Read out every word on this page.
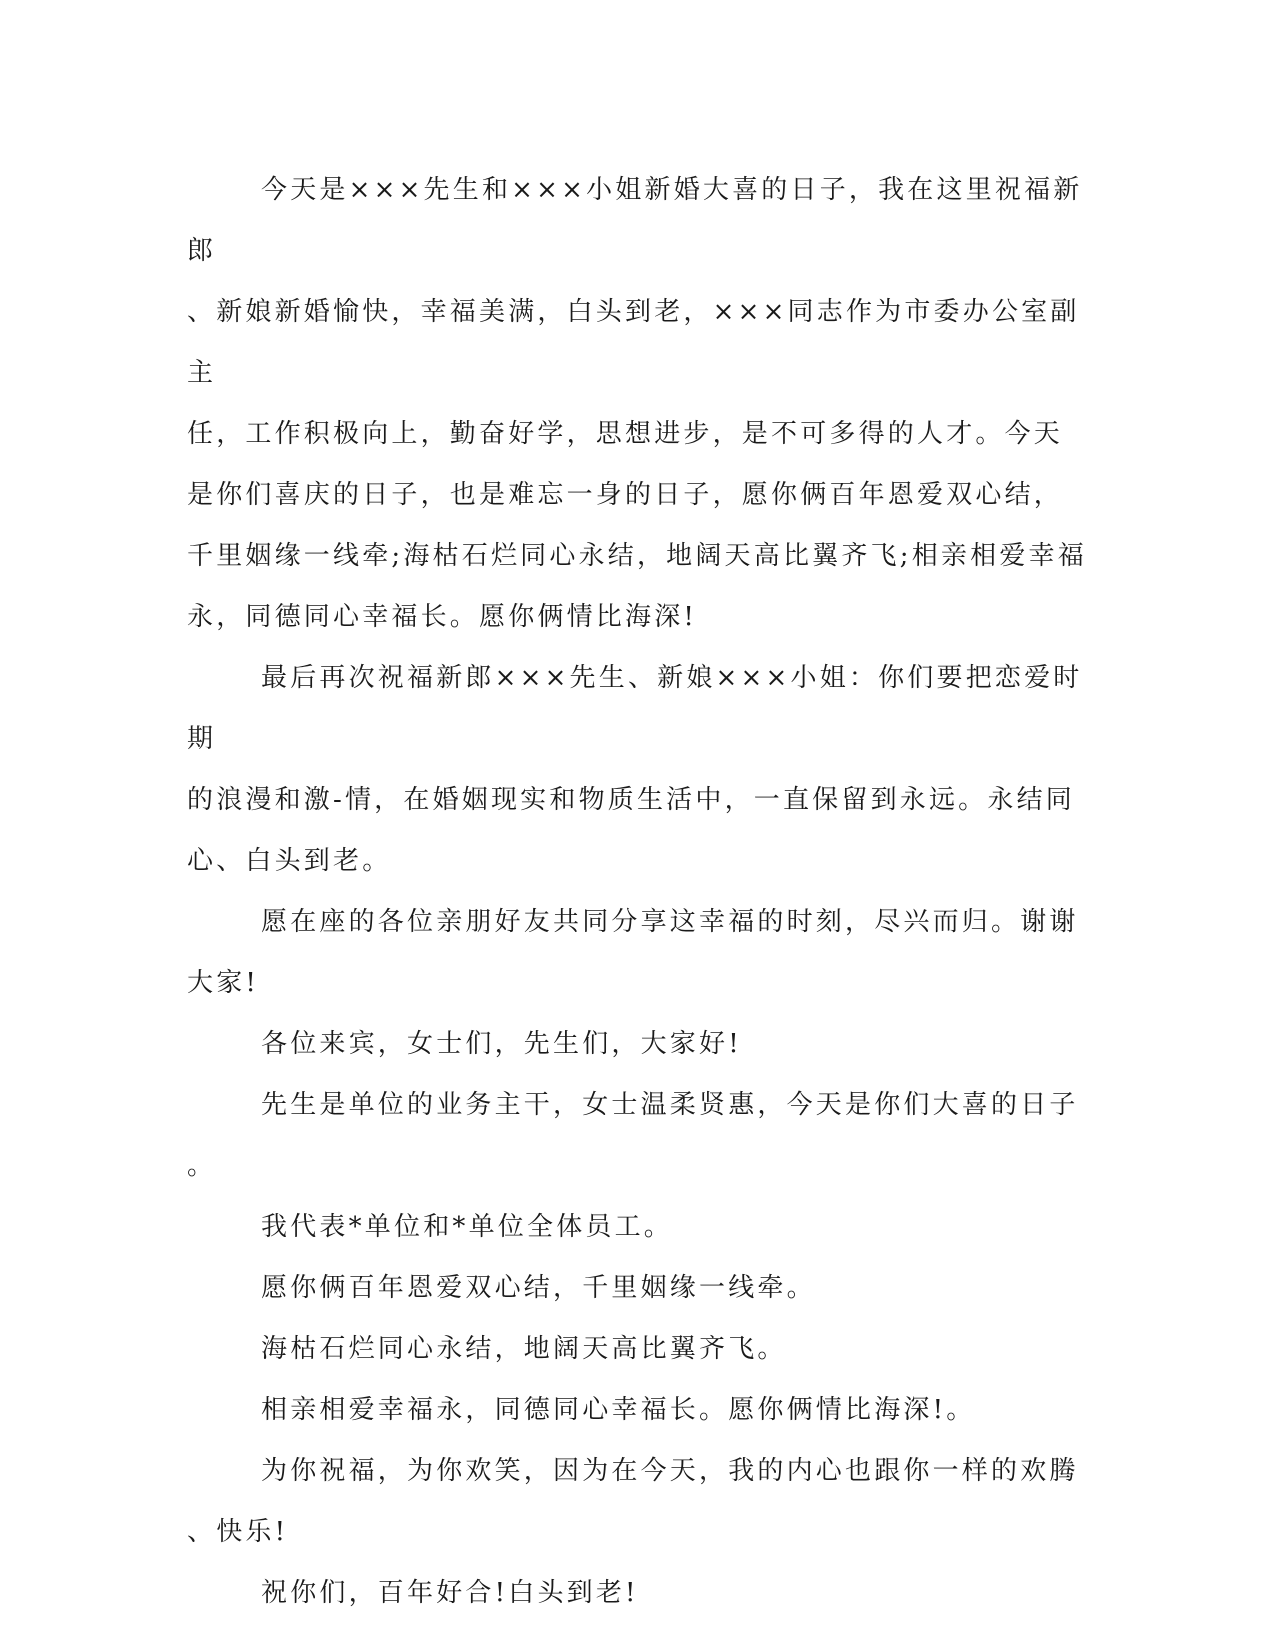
今天是×××先生和×××小姐新婚大喜的日子，我在这里祝福新郎
、新娘新婚愉快，幸福美满，白头到老，×××同志作为市委办公室副主
任，工作积极向上，勤奋好学，思想进步，是不可多得的人才。今天
是你们喜庆的日子，也是难忘一身的日子，愿你俩百年恩爱双心结，
千里姻缘一线牵;海枯石烂同心永结，地阔天高比翼齐飞;相亲相爱幸福
永，同德同心幸福长。愿你俩情比海深!

最后再次祝福新郎×××先生、新娘×××小姐：你们要把恋爱时期
的浪漫和激-情，在婚姻现实和物质生活中，一直保留到永远。永结同
心、白头到老。

愿在座的各位亲朋好友共同分享这幸福的时刻，尽兴而归。谢谢
大家!

各位来宾，女士们，先生们，大家好!

先生是单位的业务主干，女士温柔贤惠，今天是你们大喜的日子
。

我代表*单位和*单位全体员工。

愿你俩百年恩爱双心结，千里姻缘一线牵。

海枯石烂同心永结，地阔天高比翼齐飞。

相亲相爱幸福永，同德同心幸福长。愿你俩情比海深!。

为你祝福，为你欢笑，因为在今天，我的内心也跟你一样的欢腾
、快乐!

祝你们，百年好合!白头到老!
